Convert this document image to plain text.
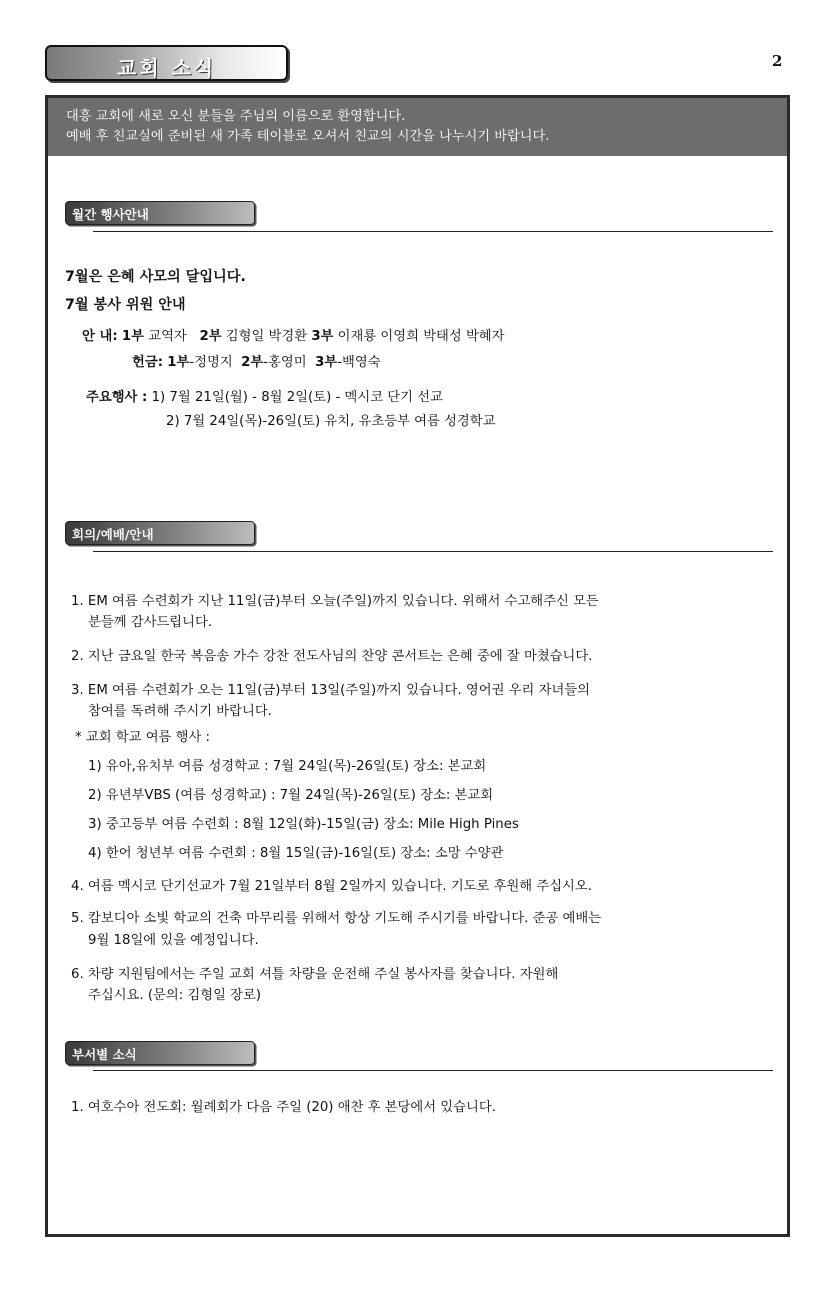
교회 소식	2
대흥 교회에 새로 오신 분들을 주님의 이름으로 환영합니다.
예배 후 친교실에 준비된 새 가족 테이블로 오셔서 친교의 시간을 나누시기 바랍니다.
월간 행사안내
7월은 은혜 사모의 달입니다.
7월 봉사 위원 안내
안 내: 1부 교역자 2부 김형일 박경환 3부 이재룡 이영희 박태성 박혜자
헌금: 1부-정명지 2부-홍영미 3부-백영숙
주요행사 : 1) 7월 21일(월) - 8월 2일(토) - 멕시코 단기 선교
2) 7월 24일(목)-26일(토) 유치, 유초등부 여름 성경학교
회의/예배/안내
1. EM 여름 수련회가 지난 11일(금)부터 오늘(주일)까지 있습니다. 위해서 수고해주신 모든
분들께 감사드립니다.
2. 지난 금요일 한국 복음송 가수 강찬 전도사님의 찬양 콘서트는 은혜 중에 잘 마쳤습니다.
3. EM 여름 수련회가 오는 11일(금)부터 13일(주일)까지 있습니다. 영어권 우리 자녀들의
참여를 독려해 주시기 바랍니다.
* 교회 학교 여름 행사 :
1) 유아,유치부 여름 성경학교 : 7월 24일(목)-26일(토) 장소: 본교회
2) 유년부VBS (여름 성경학교) : 7월 24일(목)-26일(토) 장소: 본교회
3) 중고등부 여름 수련회 : 8월 12일(화)-15일(금) 장소: Mile High Pines
4) 한어 청년부 여름 수련회 : 8월 15일(금)-16일(토) 장소: 소망 수양관
4. 여름 멕시코 단기선교가 7월 21일부터 8월 2일까지 있습니다. 기도로 후원해 주십시오.
5. 캄보디아 소빛 학교의 건축 마무리를 위해서 항상 기도해 주시기를 바랍니다. 준공 예배는
9월 18일에 있을 예정입니다.
6. 차량 지원팀에서는 주일 교회 셔틀 차량을 운전해 주실 봉사자를 찾습니다. 자원해
주십시요. (문의: 김형일 장로)
부서별 소식
1. 여호수아 전도회: 월례회가 다음 주일 (20) 애찬 후 본당에서 있습니다.
